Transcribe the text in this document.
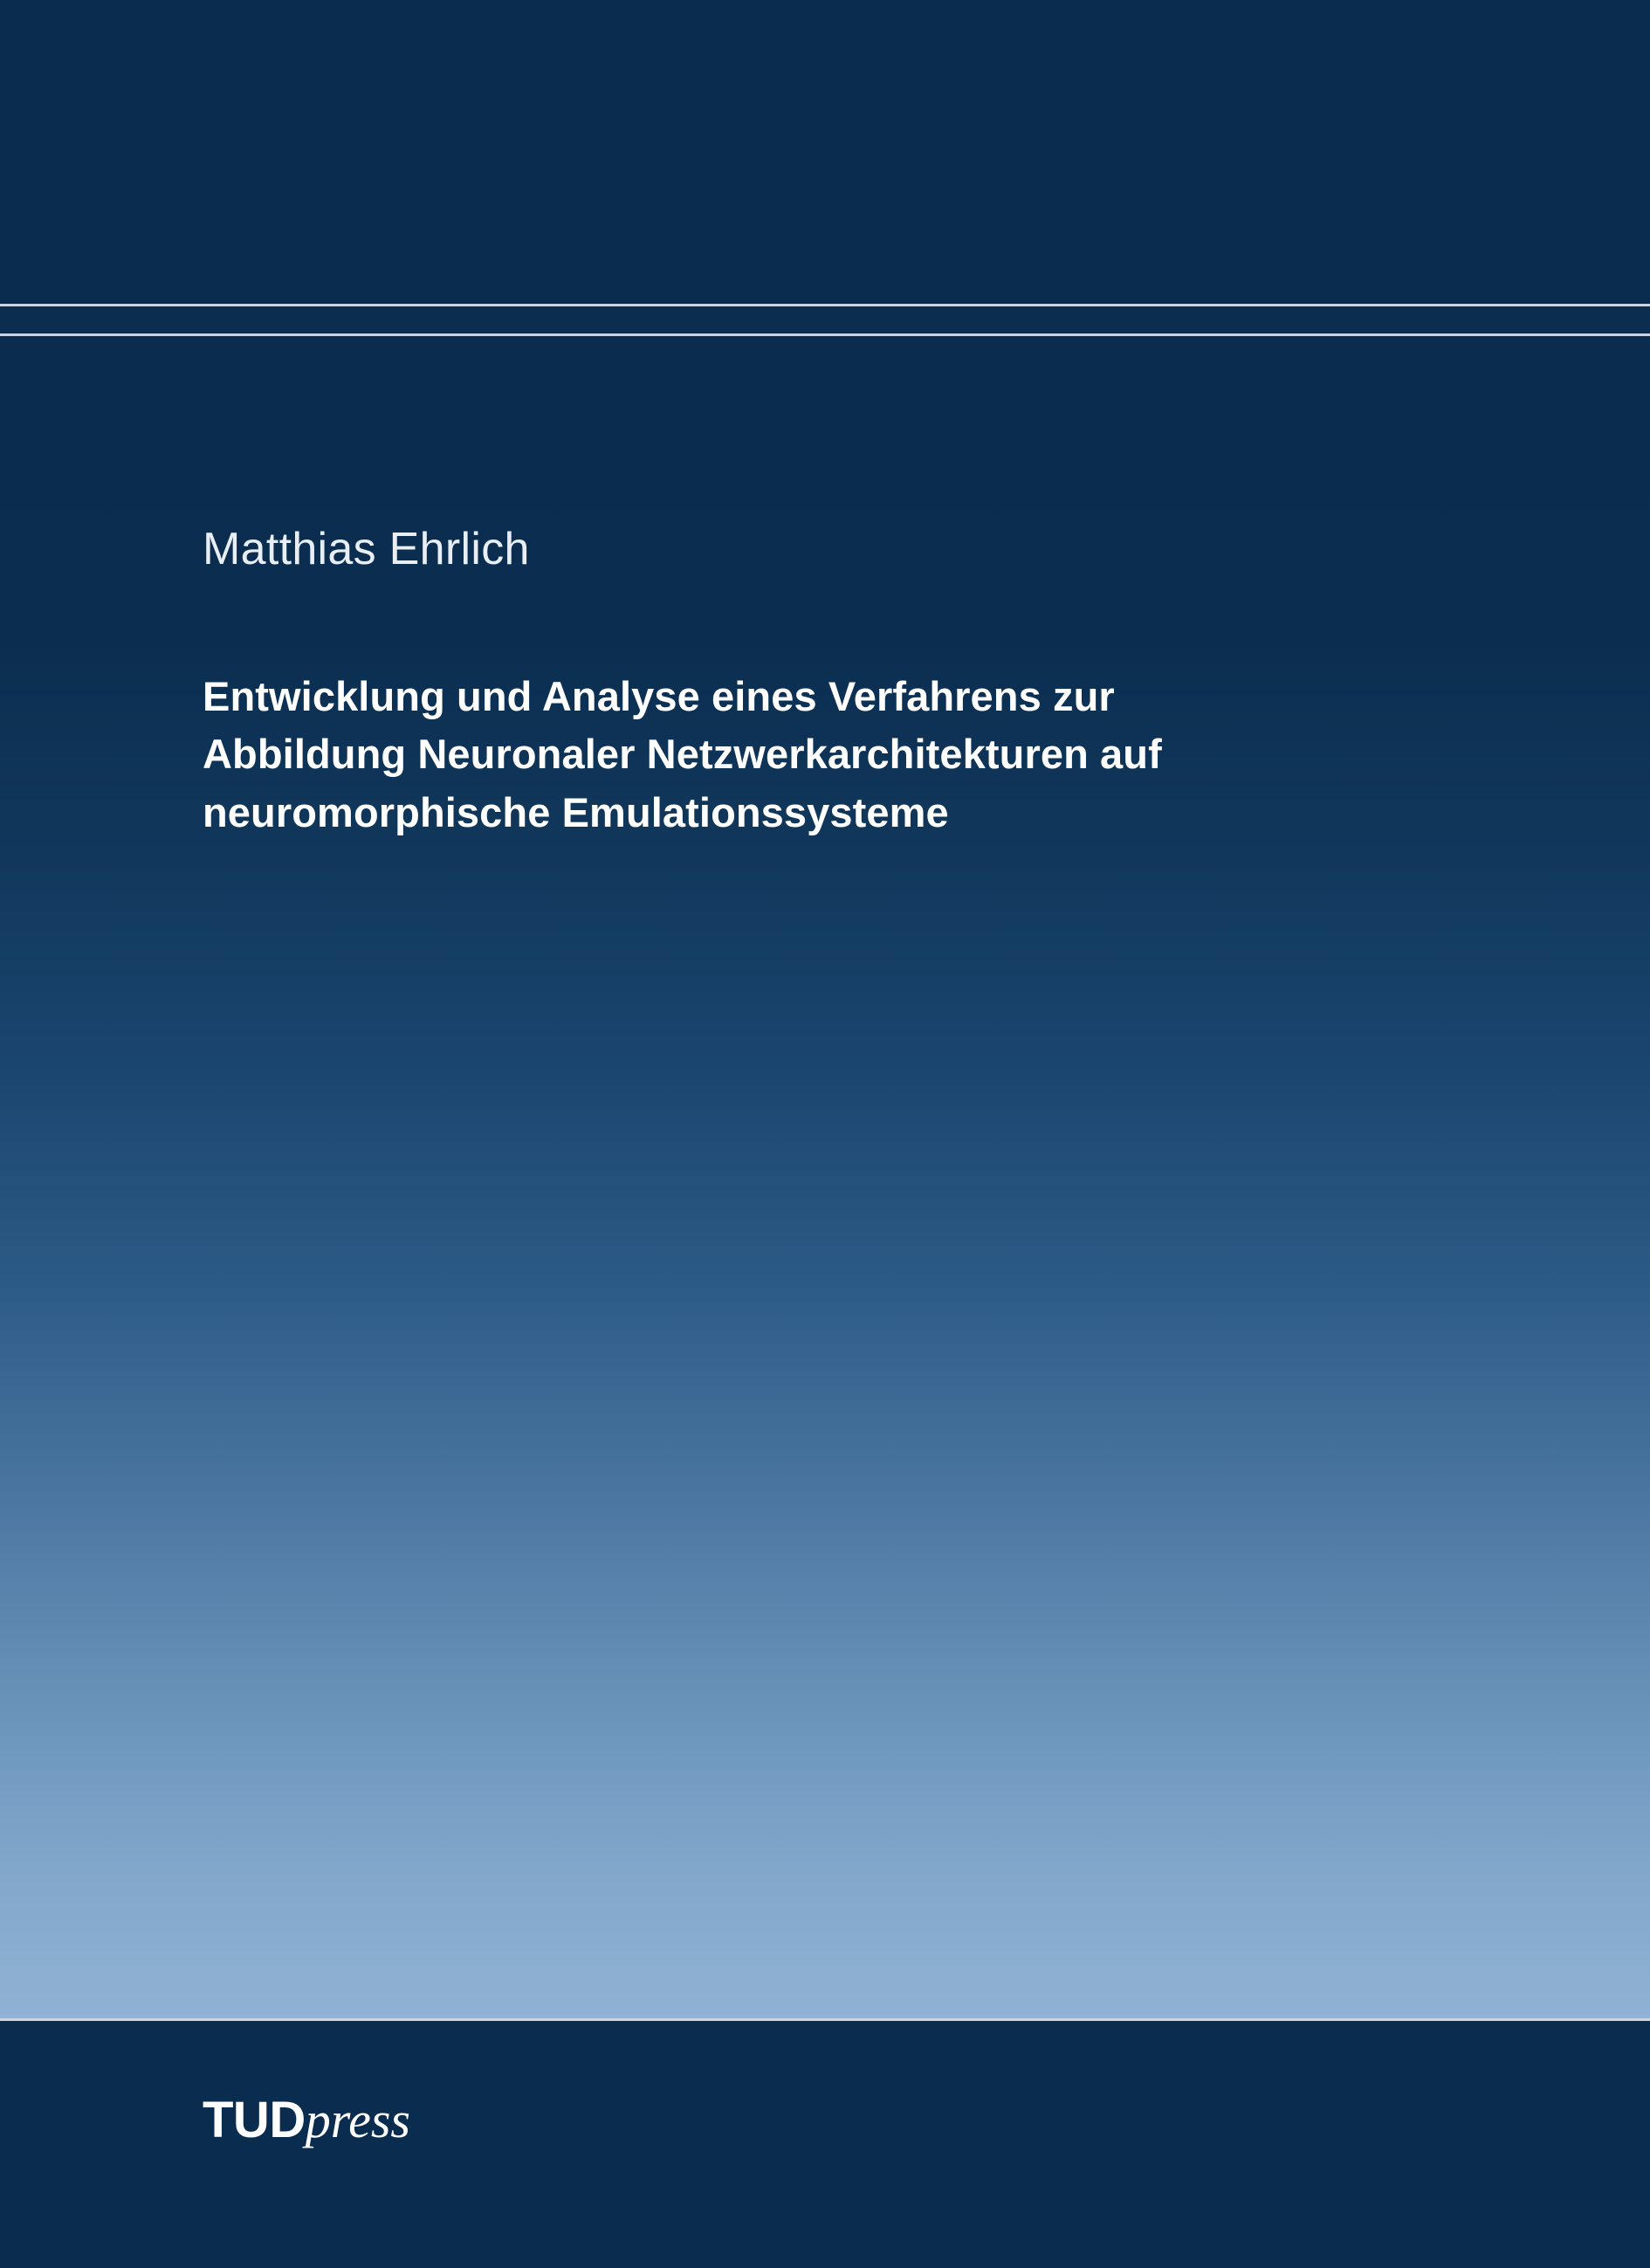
Matthias Ehrlich
Entwicklung und Analyse eines Verfahrens zur
Abbildung Neuronaler Netzwerkarchitekturen auf
neuromorphische Emulationssysteme
TUDpress
